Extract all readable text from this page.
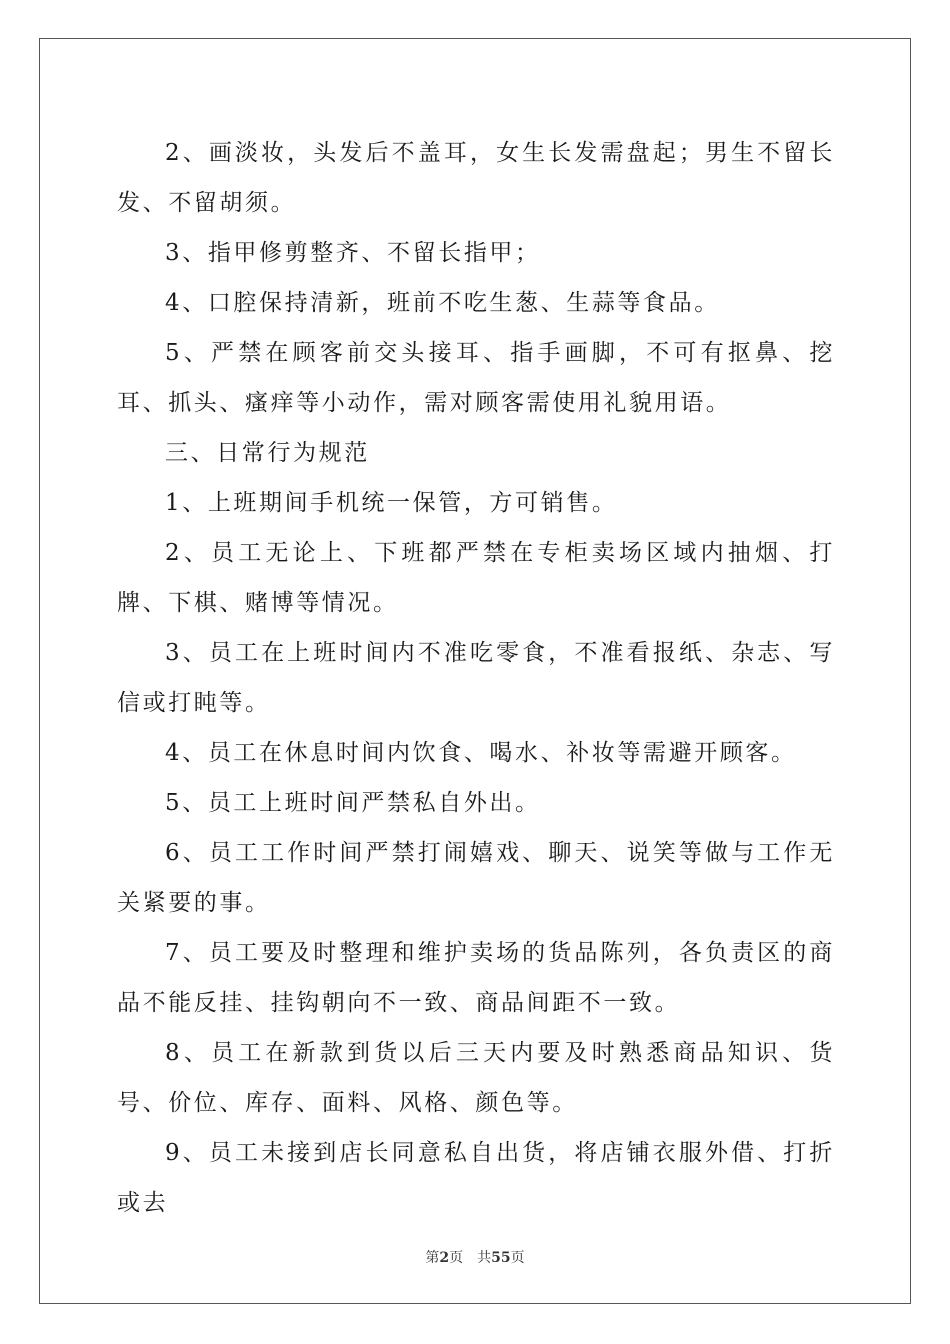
2、画淡妆，头发后不盖耳，女生长发需盘起；男生不留长发、不留胡须。

3、指甲修剪整齐、不留长指甲；

4、口腔保持清新，班前不吃生葱、生蒜等食品。

5、严禁在顾客前交头接耳、指手画脚，不可有抠鼻、挖耳、抓头、瘙痒等小动作，需对顾客需使用礼貌用语。

三、日常行为规范

1、上班期间手机统一保管，方可销售。

2、员工无论上、下班都严禁在专柜卖场区域内抽烟、打牌、下棋、赌博等情况。

3、员工在上班时间内不准吃零食，不准看报纸、杂志、写信或打盹等。

4、员工在休息时间内饮食、喝水、补妆等需避开顾客。

5、员工上班时间严禁私自外出。

6、员工工作时间严禁打闹嬉戏、聊天、说笑等做与工作无关紧要的事。

7、员工要及时整理和维护卖场的货品陈列，各负责区的商品不能反挂、挂钩朝向不一致、商品间距不一致。

8、员工在新款到货以后三天内要及时熟悉商品知识、货号、价位、库存、面料、风格、颜色等。

9、员工未接到店长同意私自出货，将店铺衣服外借、打折或去

第2页 共55页
